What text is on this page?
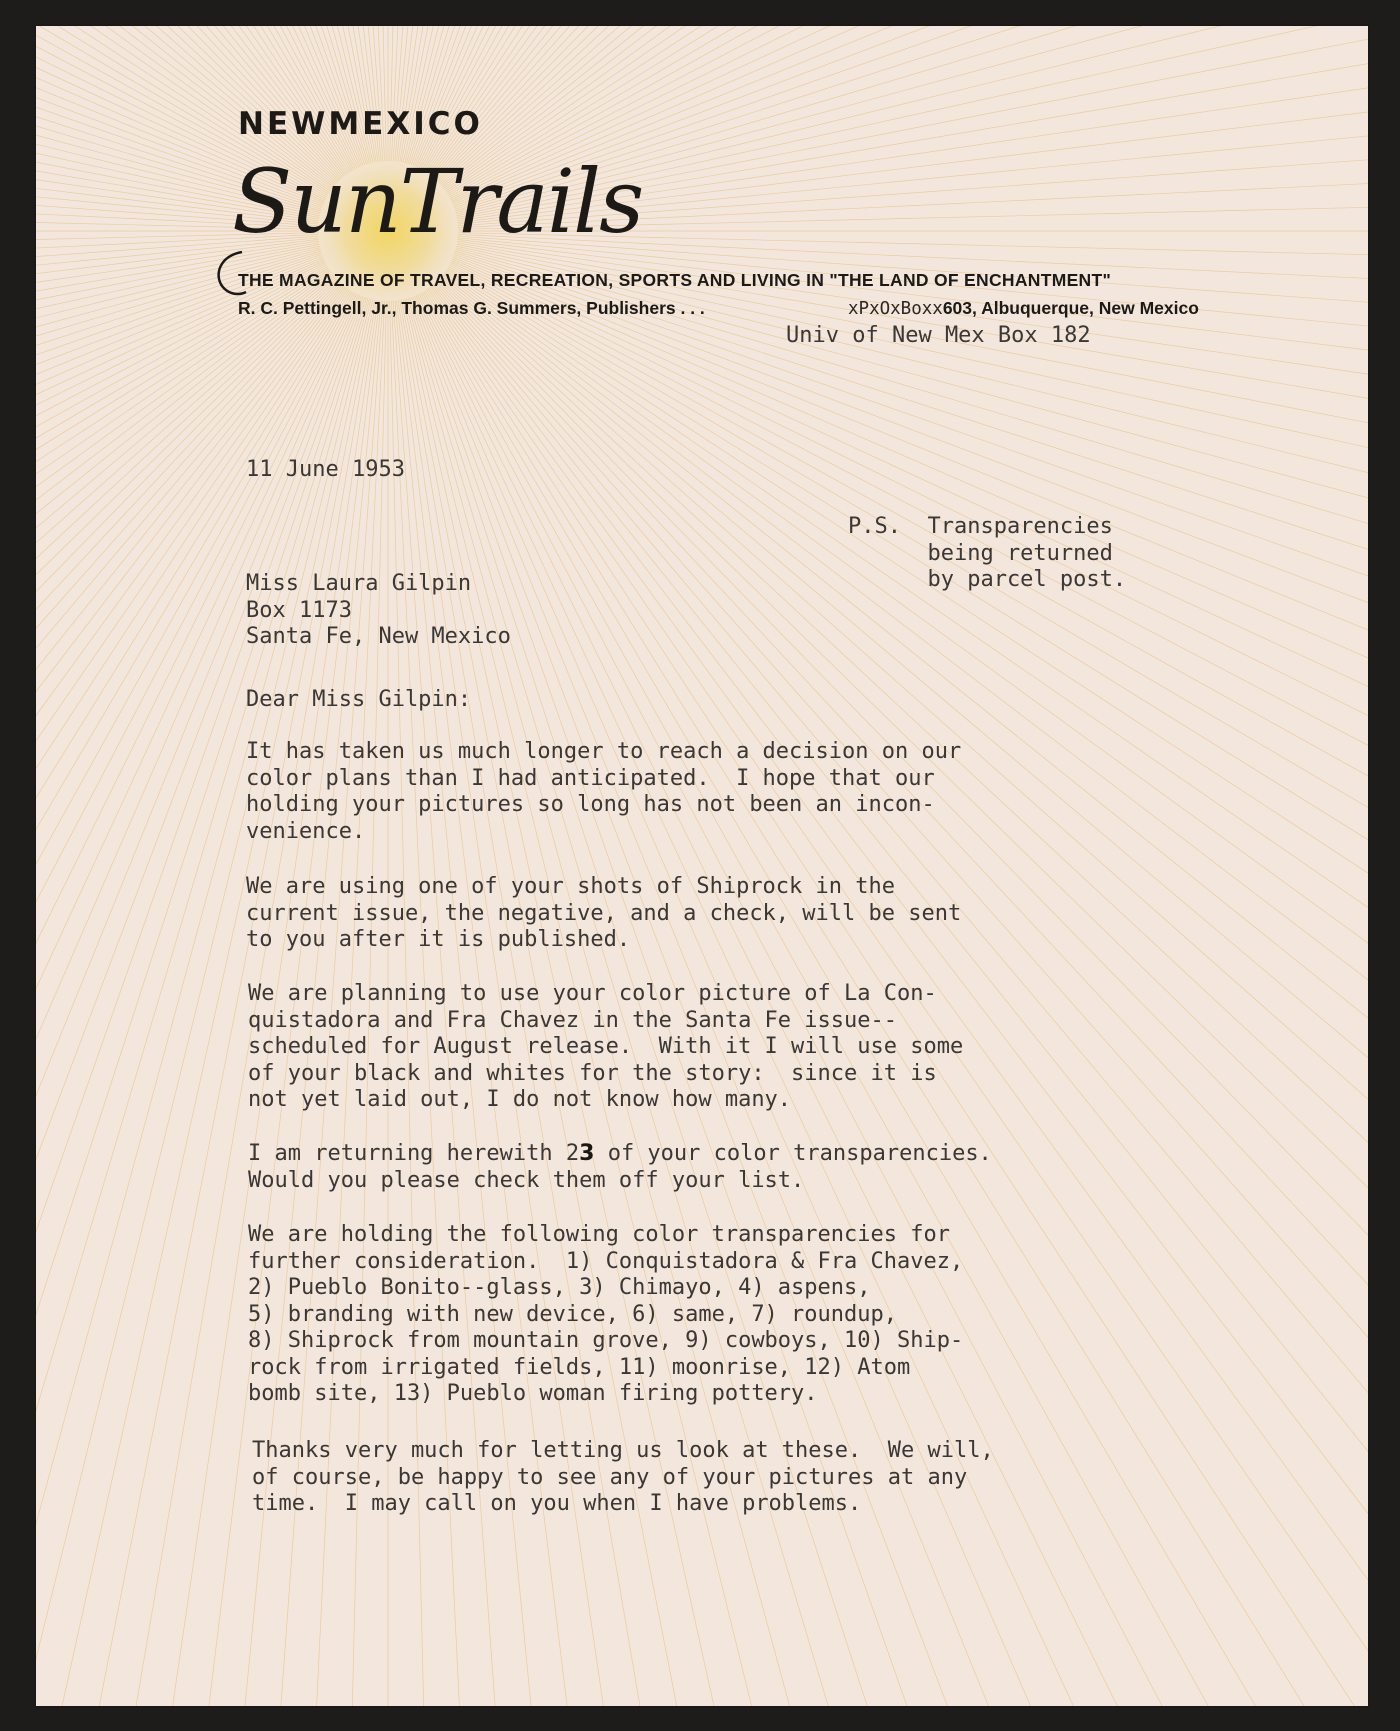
NEWMEXICO
SunTrails
THE MAGAZINE OF TRAVEL, RECREATION, SPORTS AND LIVING IN "THE LAND OF ENCHANTMENT"
R. C. Pettingell, Jr., Thomas G. Summers, Publishers . . .	xPxOxBoxx603, Albuquerque, New Mexico
Univ of New Mex Box 182
11 June 1953
P.S.  Transparencies
being returned
by parcel post.
Miss Laura Gilpin
Box 1173
Santa Fe, New Mexico
Dear Miss Gilpin:
It has taken us much longer to reach a decision on our
color plans than I had anticipated.  I hope that our
holding your pictures so long has not been an incon-
venience.
We are using one of your shots of Shiprock in the
current issue, the negative, and a check, will be sent
to you after it is published.
We are planning to use your color picture of La Con-
quistadora and Fra Chavez in the Santa Fe issue--
scheduled for August release.  With it I will use some
of your black and whites for the story:  since it is
not yet laid out, I do not know how many.
I am returning herewith 23 of your color transparencies.
Would you please check them off your list.
We are holding the following color transparencies for
further consideration.  1) Conquistadora & Fra Chavez,
2) Pueblo Bonito--glass, 3) Chimayo, 4) aspens,
5) branding with new device, 6) same, 7) roundup,
8) Shiprock from mountain grove, 9) cowboys, 10) Ship-
rock from irrigated fields, 11) moonrise, 12) Atom
bomb site, 13) Pueblo woman firing pottery.
Thanks very much for letting us look at these.  We will,
of course, be happy to see any of your pictures at any
time.  I may call on you when I have problems.
